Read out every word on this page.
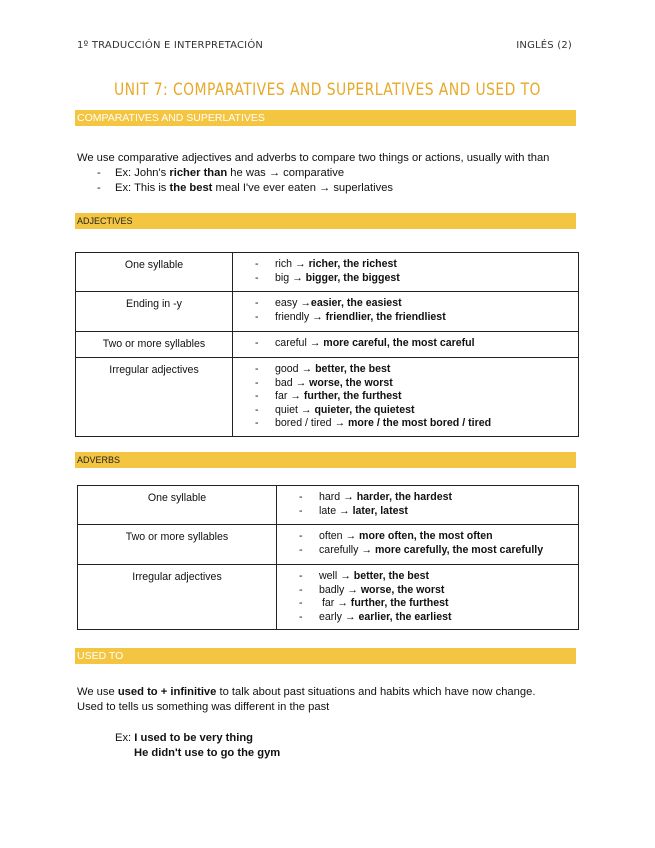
1º TRADUCCIÓN E INTERPRETACIÓN	INGLÉS (2)
UNIT 7: COMPARATIVES AND SUPERLATIVES AND USED TO
COMPARATIVES AND SUPERLATIVES
We use comparative adjectives and adverbs to compare two things or actions, usually with than
- Ex: John's richer than he was → comparative
- Ex: This is the best meal I've ever eaten → superlatives
ADJECTIVES
One syllable	- rich → richer, the richest
- big → bigger, the biggest

Ending in -y	- easy →easier, the easiest
- friendly → friendlier, the friendliest

Two or more syllables	- careful → more careful, the most careful

Irregular adjectives	- good → better, the best
- bad → worse, the worst
- far → further, the furthest
- quiet → quieter, the quietest
- bored / tired → more / the most bored / tired
ADVERBS
One syllable	- hard → harder, the hardest
- late → later, latest

Two or more syllables	- often → more often, the most often
- carefully → more carefully, the most carefully

Irregular adjectives	- well → better, the best
- badly → worse, the worst
- far → further, the furthest
- early → earlier, the earliest
USED TO
We use used to + infinitive to talk about past situations and habits which have now change.
Used to tells us something was different in the past
Ex: I used to be very thing
He didn't use to go the gym
